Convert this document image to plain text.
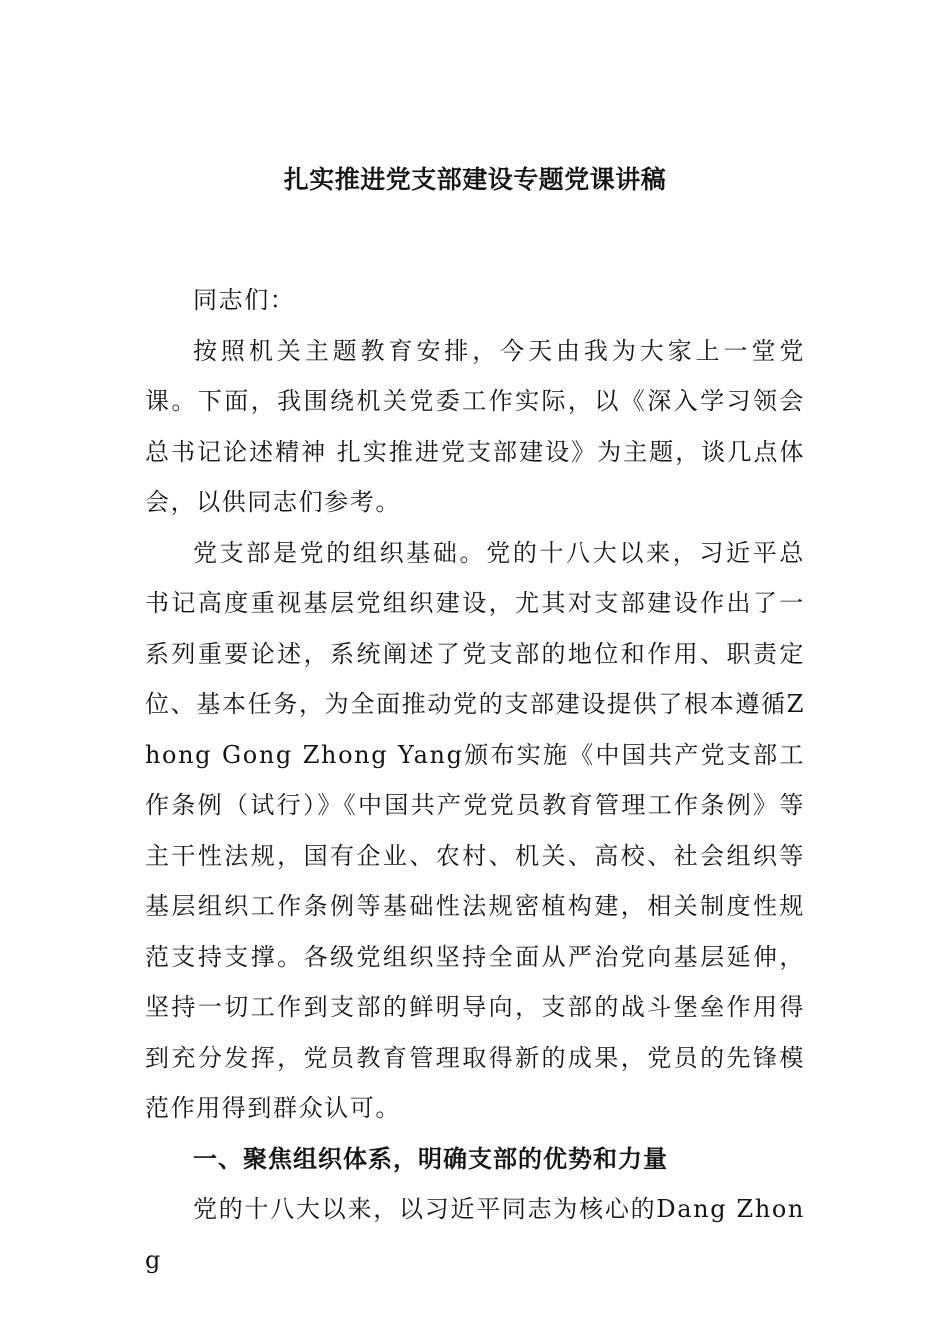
扎实推进党支部建设专题党课讲稿

同志们：

按照机关主题教育安排，今天由我为大家上一堂党课。下面，我围绕机关党委工作实际，以《深入学习领会总书记论述精神 扎实推进党支部建设》为主题，谈几点体会，以供同志们参考。

党支部是党的组织基础。党的十八大以来，习近平总书记高度重视基层党组织建设，尤其对支部建设作出了一系列重要论述，系统阐述了党支部的地位和作用、职责定位、基本任务，为全面推动党的支部建设提供了根本遵循Zhong Gong Zhong Yang颁布实施《中国共产党支部工作条例（试行）》《中国共产党党员教育管理工作条例》等主干性法规，国有企业、农村、机关、高校、社会组织等基层组织工作条例等基础性法规密植构建，相关制度性规范支持支撑。各级党组织坚持全面从严治党向基层延伸，坚持一切工作到支部的鲜明导向，支部的战斗堡垒作用得到充分发挥，党员教育管理取得新的成果，党员的先锋模范作用得到群众认可。

一、聚焦组织体系，明确支部的优势和力量

党的十八大以来，以习近平同志为核心的Dang Zhong
